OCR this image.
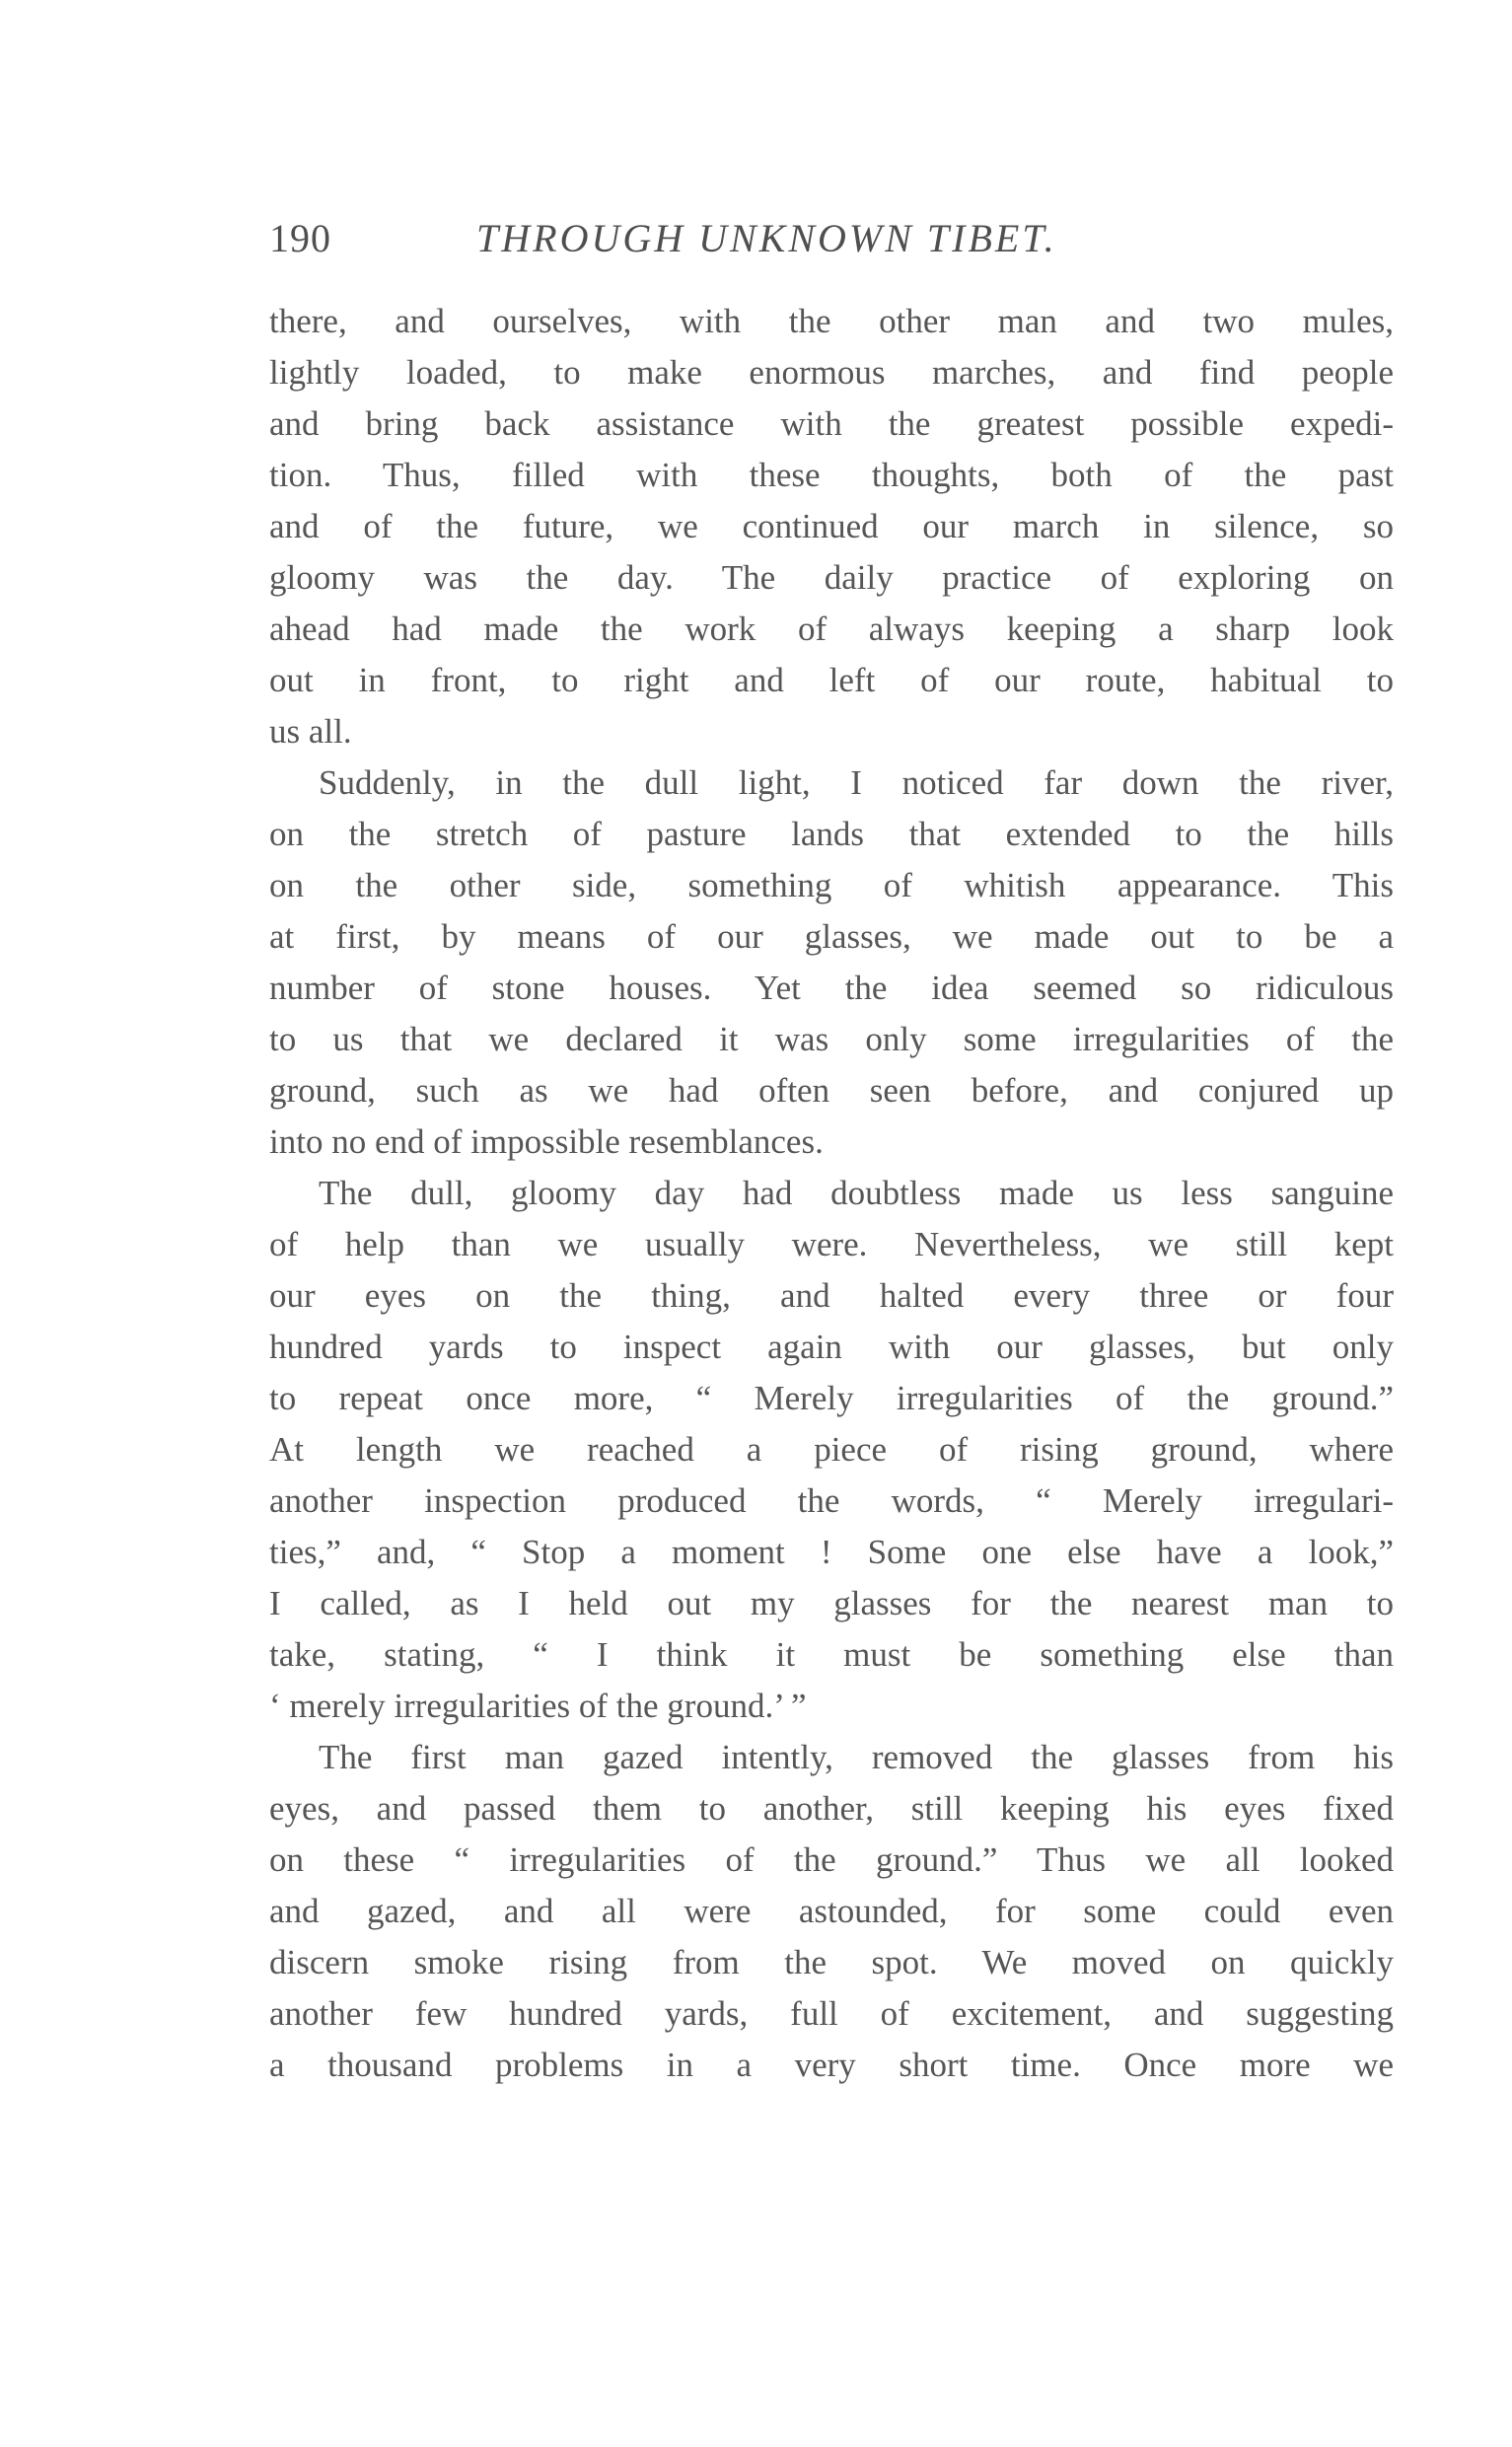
190	THROUGH UNKNOWN TIBET.
there, and ourselves, with the other man and two mules,
lightly loaded, to make enormous marches, and find people
and bring back assistance with the greatest possible expedi-
tion. Thus, filled with these thoughts, both of the past
and of the future, we continued our march in silence, so
gloomy was the day. The daily practice of exploring on
ahead had made the work of always keeping a sharp look
out in front, to right and left of our route, habitual to
us all.
Suddenly, in the dull light, I noticed far down the river,
on the stretch of pasture lands that extended to the hills
on the other side, something of whitish appearance. This
at first, by means of our glasses, we made out to be a
number of stone houses. Yet the idea seemed so ridiculous
to us that we declared it was only some irregularities of the
ground, such as we had often seen before, and conjured up
into no end of impossible resemblances.
The dull, gloomy day had doubtless made us less sanguine
of help than we usually were. Nevertheless, we still kept
our eyes on the thing, and halted every three or four
hundred yards to inspect again with our glasses, but only
to repeat once more, “ Merely irregularities of the ground.”
At length we reached a piece of rising ground, where
another inspection produced the words, “ Merely irregulari-
ties,” and, “ Stop a moment ! Some one else have a look,”
I called, as I held out my glasses for the nearest man to
take, stating, “ I think it must be something else than
‘ merely irregularities of the ground.’ ”
The first man gazed intently, removed the glasses from his
eyes, and passed them to another, still keeping his eyes fixed
on these “ irregularities of the ground.” Thus we all looked
and gazed, and all were astounded, for some could even
discern smoke rising from the spot. We moved on quickly
another few hundred yards, full of excitement, and suggesting
a thousand problems in a very short time. Once more we
